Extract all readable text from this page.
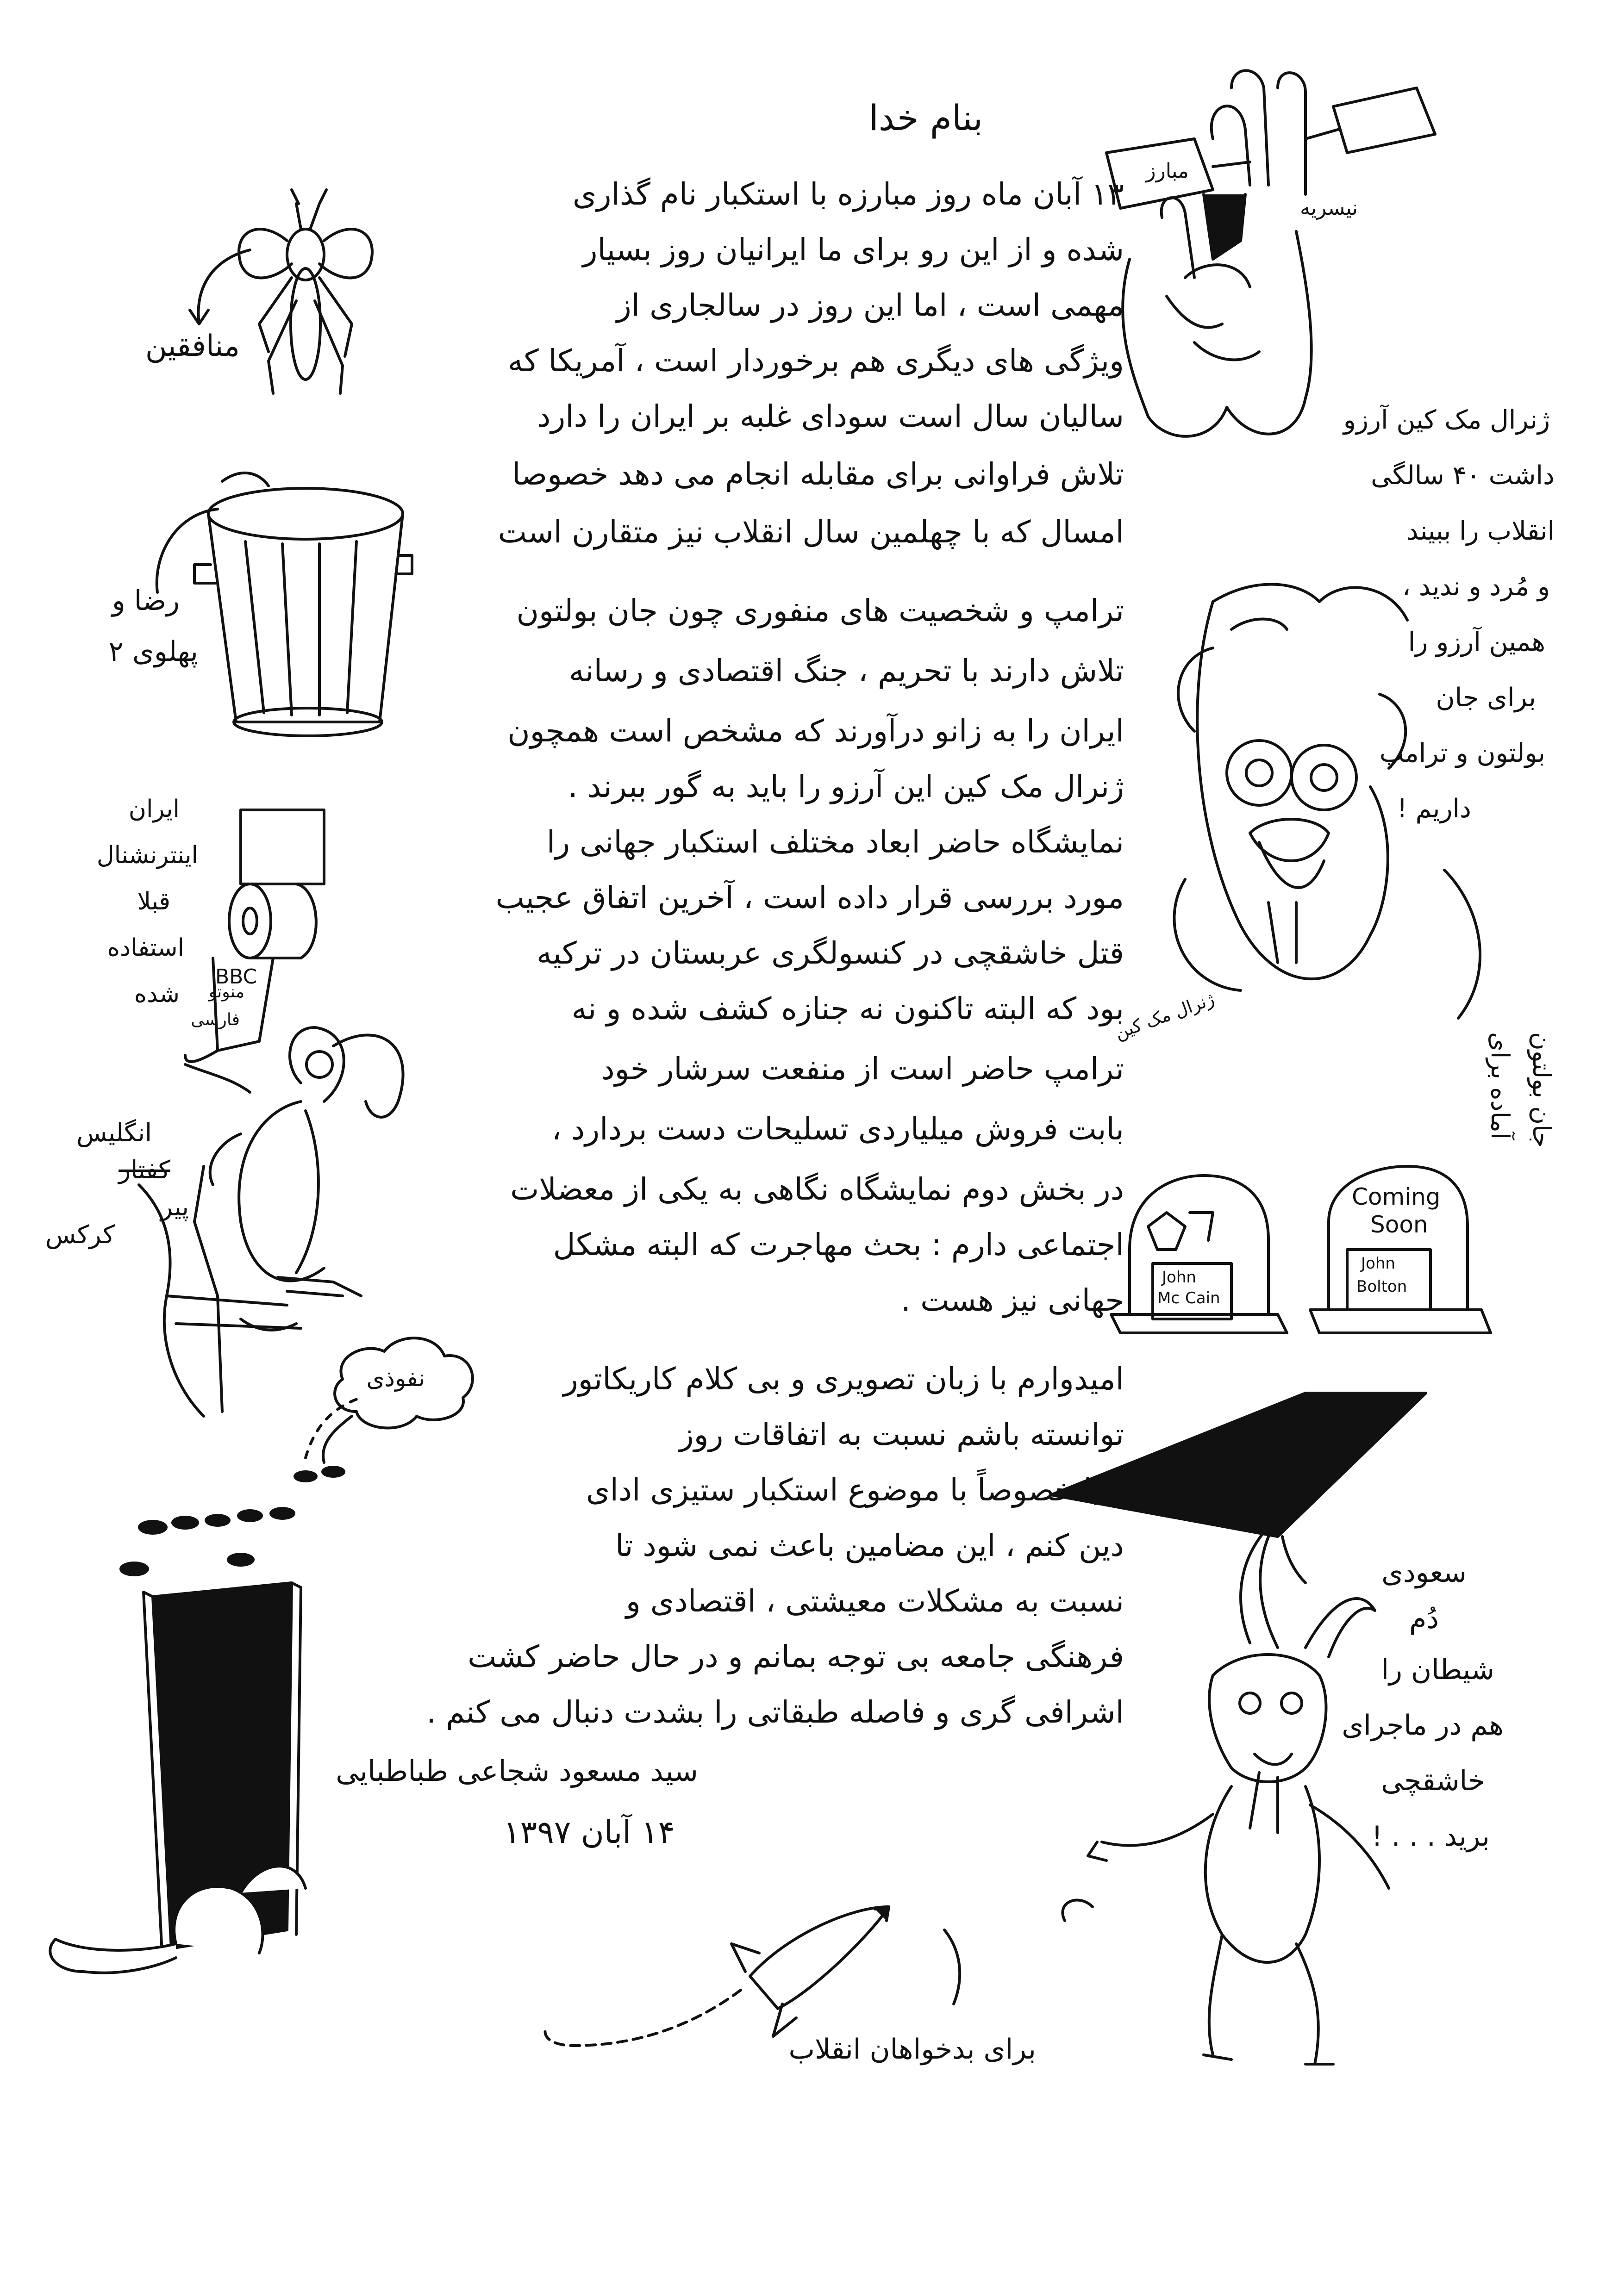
بنام خدا
۱۳ آبان ماه روز مبارزه با استکبار نام گذاری
شده و از این رو برای ما ایرانیان روز بسیار
مهمی است ، اما این روز در سالجاری از
ویژگی های دیگری هم برخوردار است ، آمریکا که
سالیان سال است سودای غلبه بر ایران را دارد
تلاش فراوانی برای مقابله انجام می دهد خصوصا
امسال که با چهلمین سال انقلاب نیز متقارن است
ترامپ و شخصیت های منفوری چون جان بولتون
تلاش دارند با تحریم ، جنگ اقتصادی و رسانه
ایران را به زانو درآورند که مشخص است همچون
ژنرال مک کین این آرزو را باید به گور ببرند .
نمایشگاه حاضر ابعاد مختلف استکبار جهانی را
مورد بررسی قرار داده است ، آخرین اتفاق عجیب
قتل خاشقچی در کنسولگری عربستان در ترکیه
بود که البته تاکنون نه جنازه کشف شده و نه
ترامپ حاضر است از منفعت سرشار خود
بابت فروش میلیاردی تسلیحات دست بردارد ،
در بخش دوم نمایشگاه نگاهی به یکی از معضلات
اجتماعی دارم : بحث مهاجرت که البته مشکل
جهانی نیز هست .
امیدوارم با زبان تصویری و بی کلام کاریکاتور
توانسته باشم نسبت به اتفاقات روز
دنیا خصوصاً با موضوع استکبار ستیزی ادای
دین کنم ، این مضامین باعث نمی شود تا
نسبت به مشکلات معیشتی ، اقتصادی و
فرهنگی جامعه بی توجه بمانم و در حال حاضر کشت
اشرافی گری و فاصله طبقاتی را بشدت دنبال می کنم .
سید مسعود شجاعی طباطبایی
۱۴ آبان ۱۳۹۷
منافقین
رضا و
پهلوی ۲
ایران
اینترنشنال
قبلا
استفاده
شده
BBC
منوتو
فارسی
انگلیس
کفتار
پیر
کرکس
نفوذی
نیسریه
مبارز
ژنرال مک کین آرزو
داشت ۴۰ سالگی
انقلاب را ببیند
و مُرد و ندید ،
همین آرزو را
برای جان
بولتون و ترامپ
داریم !
آماده برای جان بولتون
ژنرال مک کین
Coming
Soon
John
Bolton
John
Mc Cain
سعودی
دُم
شیطان را
هم در ماجرای
خاشقچی
برید . . . !
برای بدخواهان انقلاب
